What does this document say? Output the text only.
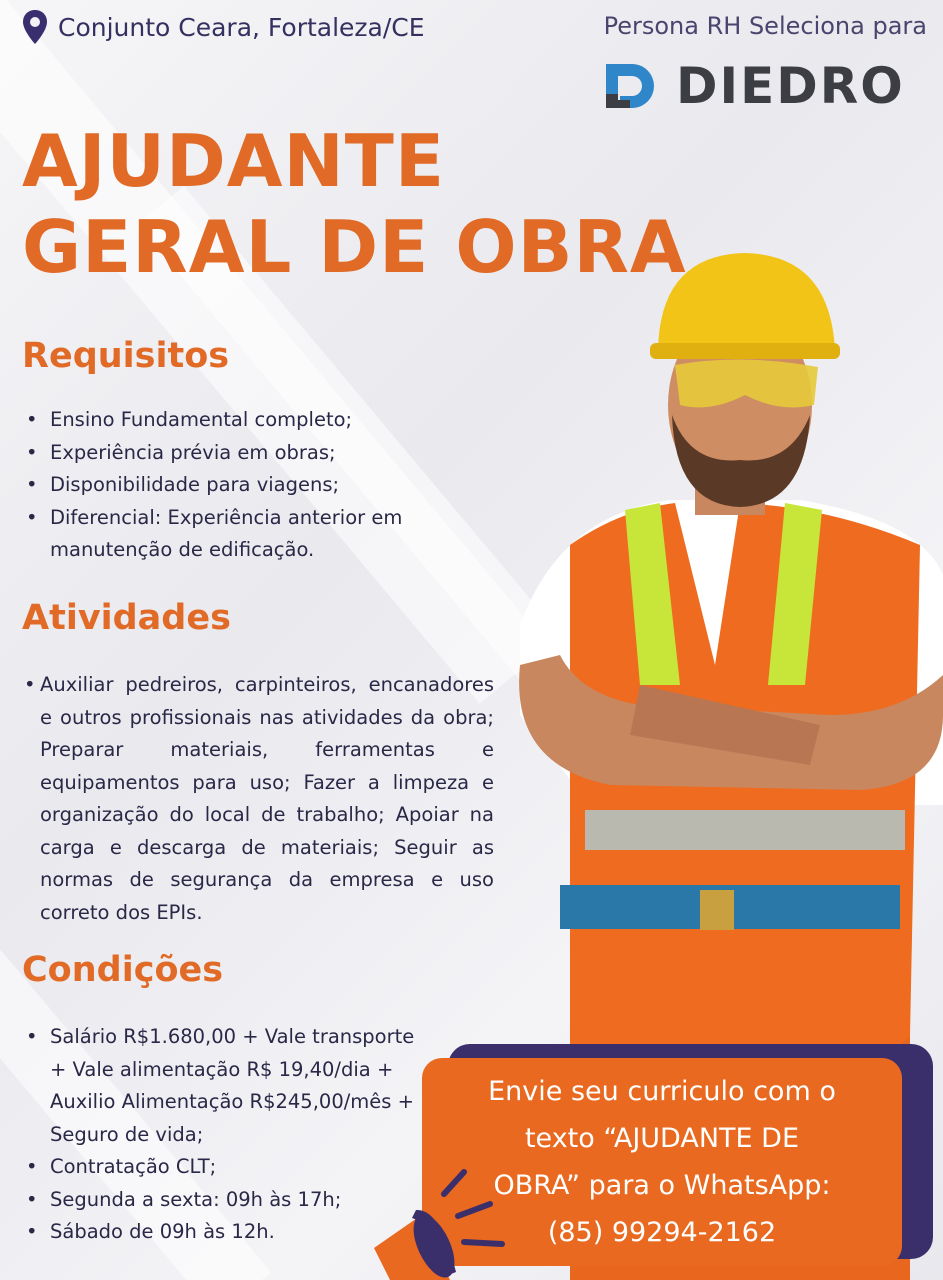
Conjunto Ceara, Fortaleza/CE	Persona RH Seleciona para
DIEDRO
AJUDANTE
GERAL DE OBRA
Requisitos
• Ensino Fundamental completo;
• Experiência prévia em obras;
• Disponibilidade para viagens;
• Diferencial: Experiência anterior em manutenção de edificação.
Atividades
• Auxiliar pedreiros, carpinteiros, encanadores e outros profissionais nas atividades da obra; Preparar materiais, ferramentas e equipamentos para uso; Fazer a limpeza e organização do local de trabalho; Apoiar na carga e descarga de materiais; Seguir as normas de segurança da empresa e uso correto dos EPIs.
Condições
• Salário R$1.680,00 + Vale transporte + Vale alimentação R$ 19,40/dia + Auxilio Alimentação R$245,00/mês + Seguro de vida;
• Contratação CLT;
• Segunda a sexta: 09h às 17h;
• Sábado de 09h às 12h.
Envie seu curriculo com o
texto “AJUDANTE DE
OBRA” para o WhatsApp:
(85) 99294-2162
